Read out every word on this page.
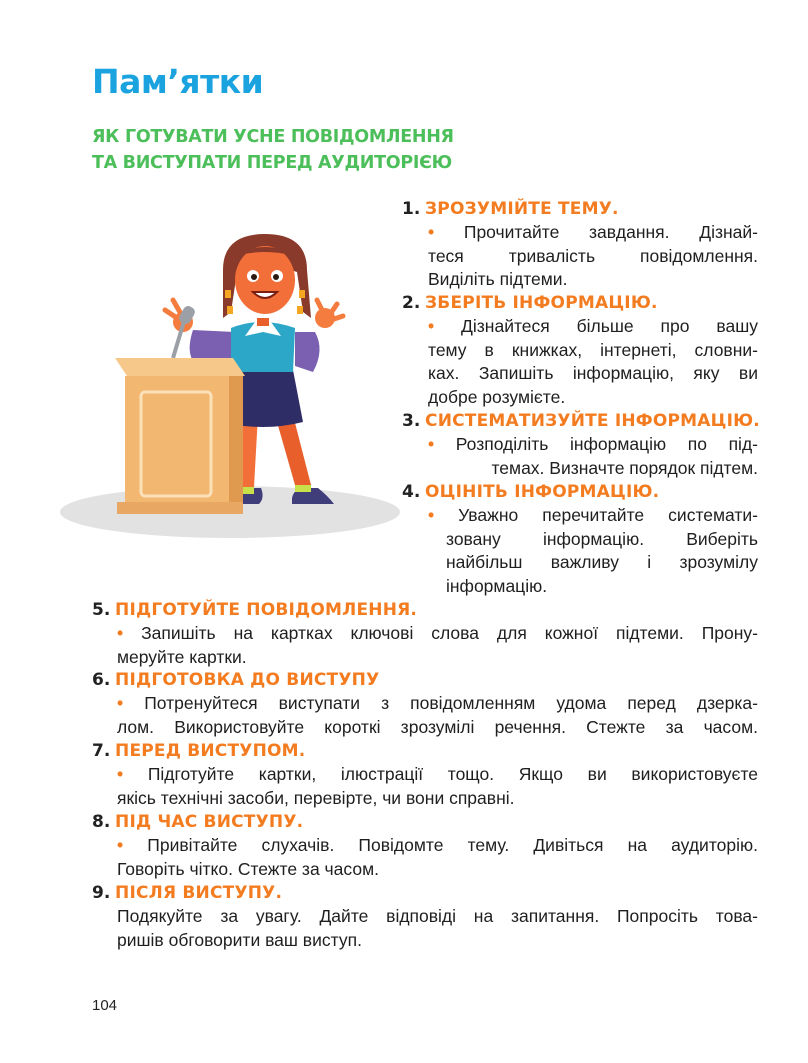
Пам’ятки
ЯК ГОТУВАТИ УСНЕ ПОВІДОМЛЕННЯ
ТА ВИСТУПАТИ ПЕРЕД АУДИТОРІЄЮ
1. ЗРОЗУМІЙТЕ ТЕМУ.
• Прочитайте завдання. Дізнай-
теся тривалість повідомлення.
Виділіть підтеми.
2. ЗБЕРІТЬ ІНФОРМАЦІЮ.
• Дізнайтеся більше про вашу
тему в книжках, інтернеті, словни-
ках. Запишіть інформацію, яку ви
добре розумієте.
3. СИСТЕМАТИЗУЙТЕ ІНФОРМАЦІЮ.
• Розподіліть інформацію по під-
темах. Визначте порядок підтем.
4. ОЦІНІТЬ ІНФОРМАЦІЮ.
• Уважно перечитайте системати-
зовану інформацію. Виберіть
найбільш важливу і зрозумілу
інформацію.
5. ПІДГОТУЙТЕ ПОВІДОМЛЕННЯ.
• Запишіть на картках ключові слова для кожної підтеми. Прону-
меруйте картки.
6. ПІДГОТОВКА ДО ВИСТУПУ
• Потренуйтеся виступати з повідомленням удома перед дзерка-
лом. Використовуйте короткі зрозумілі речення. Стежте за часом.
7. ПЕРЕД ВИСТУПОМ.
• Підготуйте картки, ілюстрації тощо. Якщо ви використовуєте
якісь технічні засоби, перевірте, чи вони справні.
8. ПІД ЧАС ВИСТУПУ.
• Привітайте слухачів. Повідомте тему. Дивіться на аудиторію.
Говоріть чітко. Стежте за часом.
9. ПІСЛЯ ВИСТУПУ.
Подякуйте за увагу. Дайте відповіді на запитання. Попросіть това-
ришів обговорити ваш виступ.
104
